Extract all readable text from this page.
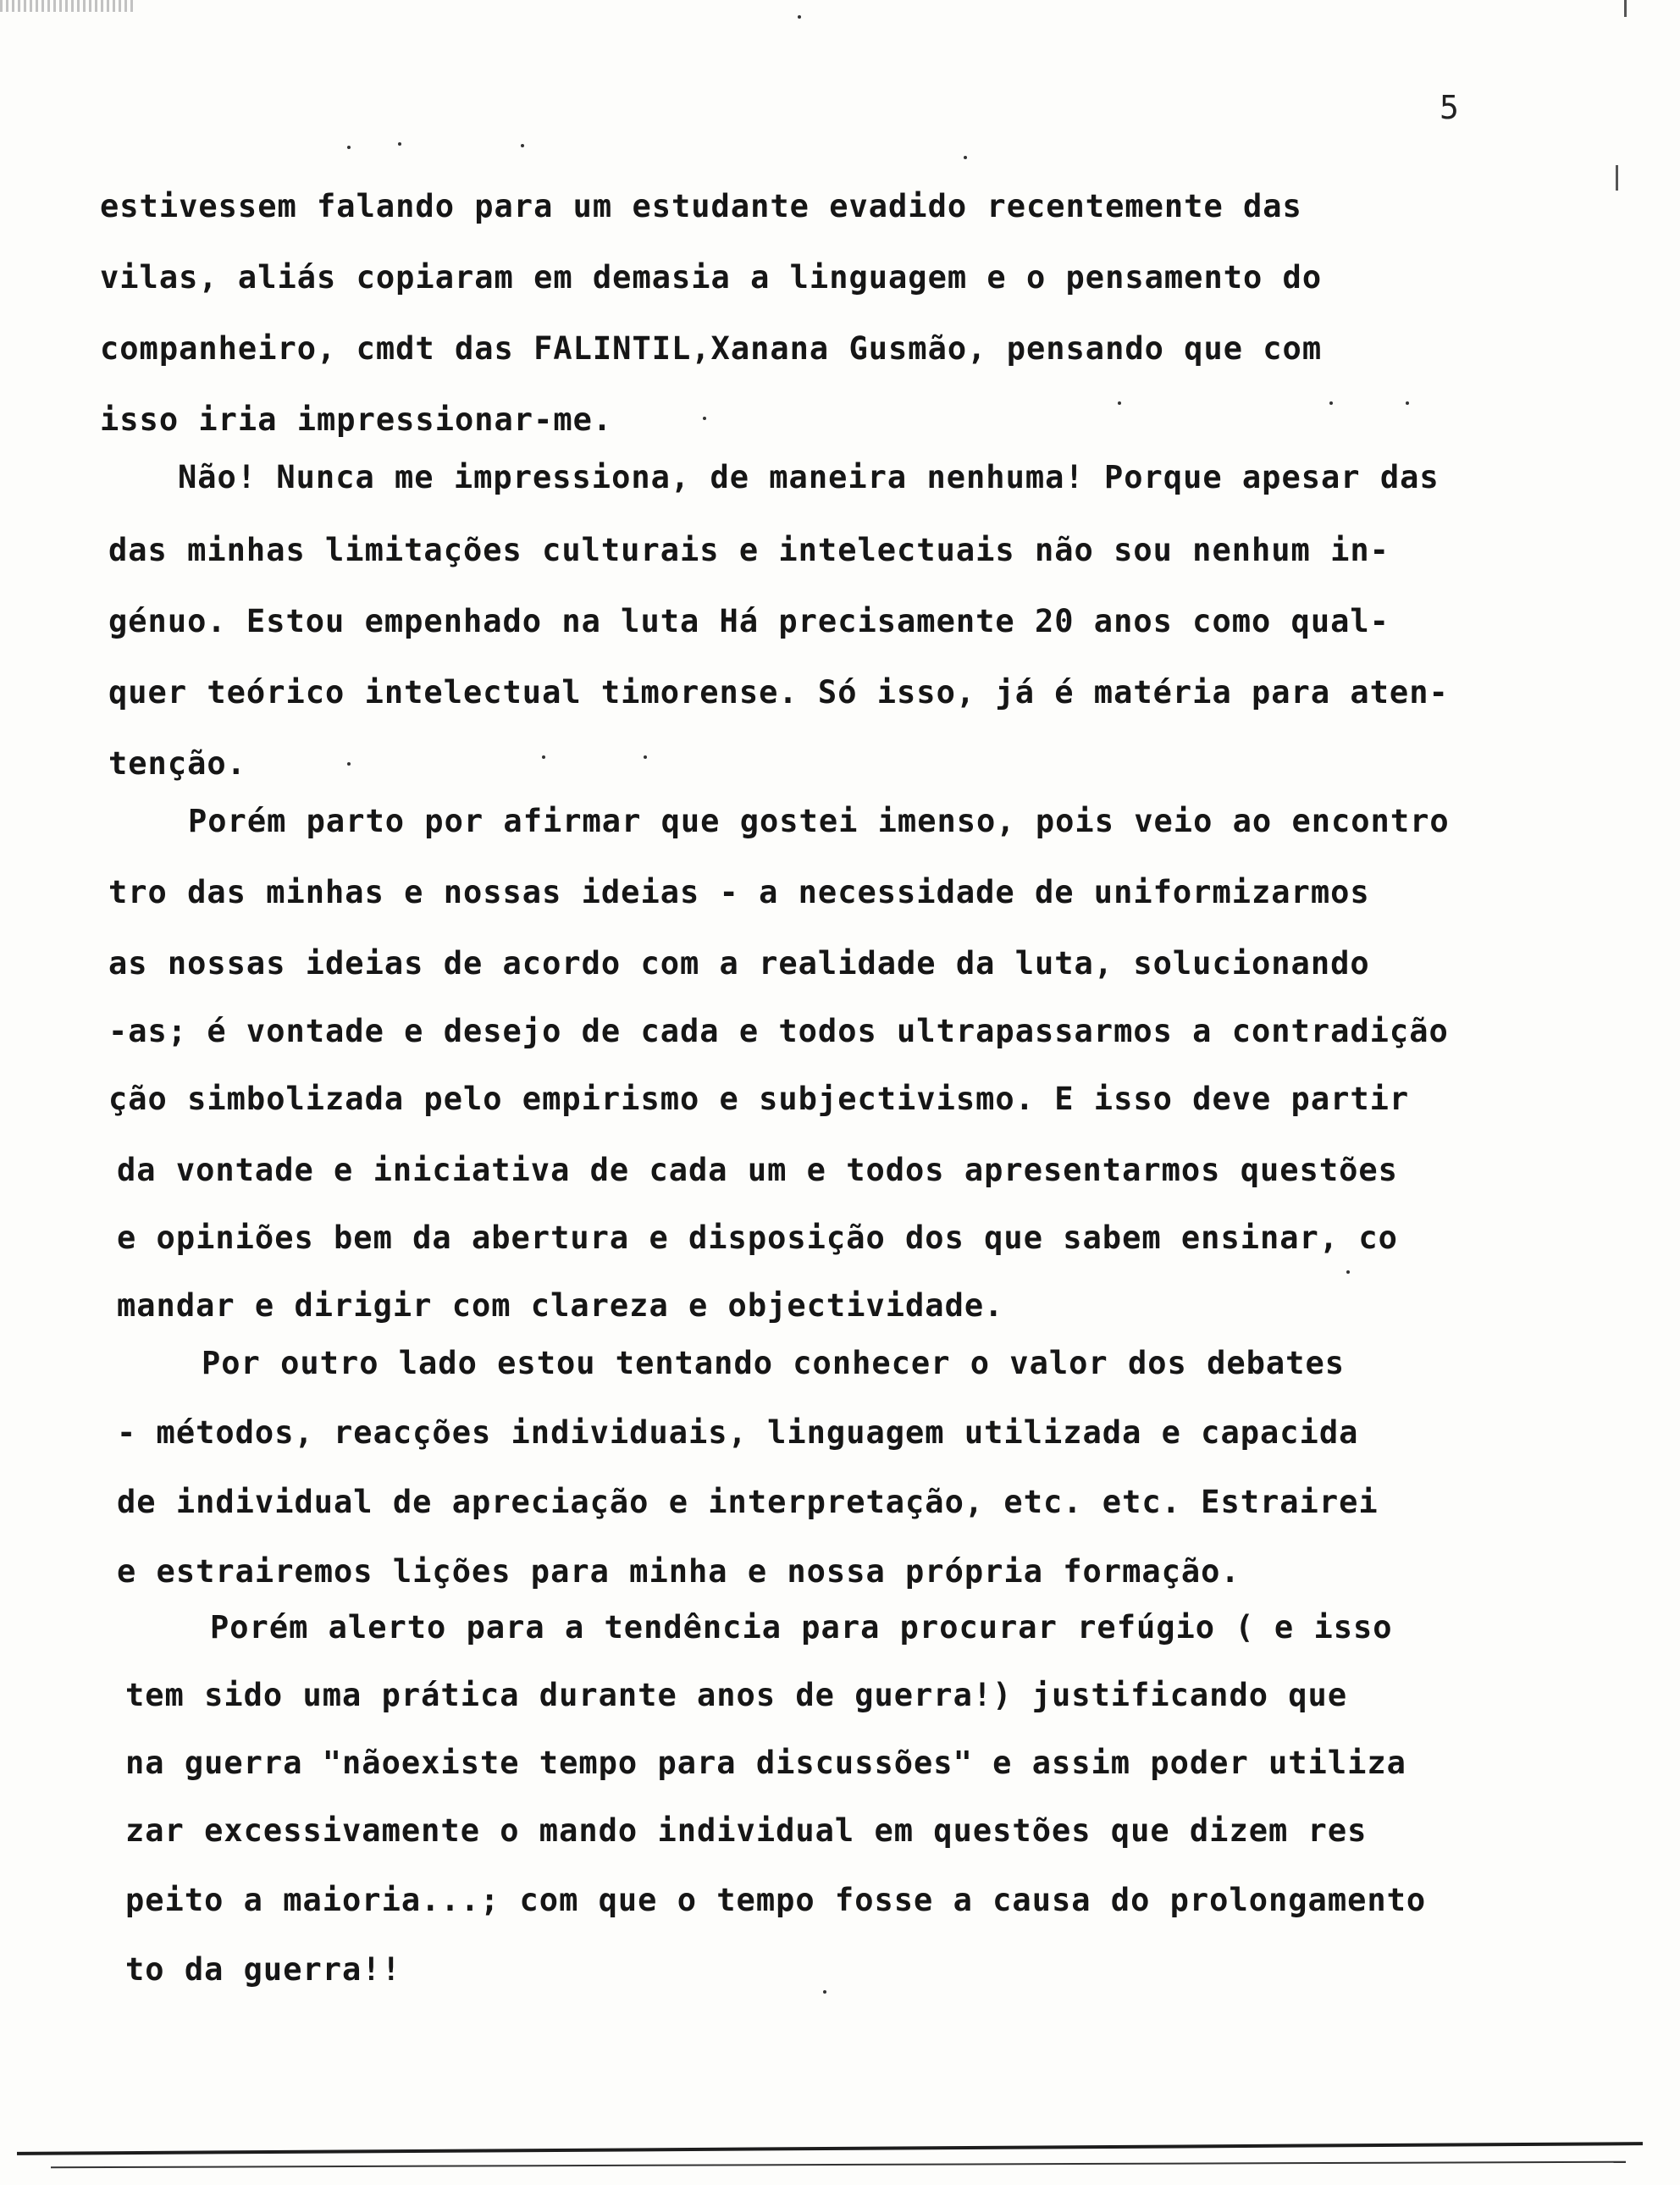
5
estivessem falando para um estudante evadido recentemente das
vilas, aliás copiaram em demasia a linguagem e o pensamento do
companheiro, cmdt das FALINTIL,Xanana Gusmão, pensando que com
isso iria impressionar-me.
Não! Nunca me impressiona, de maneira nenhuma! Porque apesar das
das minhas limitações culturais e intelectuais não sou nenhum in-
génuo. Estou empenhado na luta Há precisamente 20 anos como qual-
quer teórico intelectual timorense. Só isso, já é matéria para aten-
tenção.
Porém parto por afirmar que gostei imenso, pois veio ao encontro
tro das minhas e nossas ideias - a necessidade de uniformizarmos
as nossas ideias de acordo com a realidade da luta, solucionando
-as; é vontade e desejo de cada e todos ultrapassarmos a contradição
ção simbolizada pelo empirismo e subjectivismo. E isso deve partir
da vontade e iniciativa de cada um e todos apresentarmos questões
e opiniões bem da abertura e disposição dos que sabem ensinar, co
mandar e dirigir com clareza e objectividade.
Por outro lado estou tentando conhecer o valor dos debates
- métodos, reacções individuais, linguagem utilizada e capacida
de individual de apreciação e interpretação, etc. etc. Estrairei
e estrairemos lições para minha e nossa própria formação.
Porém alerto para a tendência para procurar refúgio ( e isso
tem sido uma prática durante anos de guerra!) justificando que
na guerra "nãoexiste tempo para discussões" e assim poder utiliza
zar excessivamente o mando individual em questões que dizem res
peito a maioria...; com que o tempo fosse a causa do prolongamento
to da guerra!!
